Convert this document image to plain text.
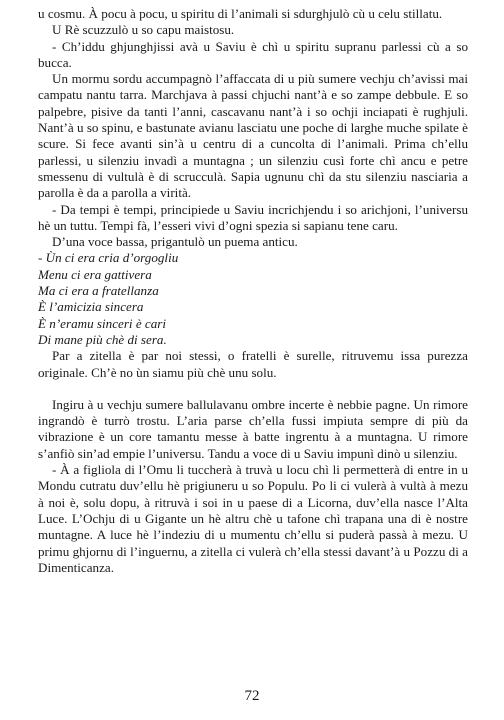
u cosmu. À pocu à pocu, u spiritu di l’animali si sdurghjulò cù u celu stillatu.

U Rè scuzzulò u so capu maistosu.

- Ch’iddu ghjunghjissi avà u Saviu è chì u spiritu supranu parlessi cù a so bucca.

Un mormu sordu accumpagnò l’affaccata di u più sumere vechju ch’avissi mai campatu nantu tarra. Marchjava à passi chjuchi nant’à e so zampe debbule. E so palpebre, pisive da tanti l’anni, cascavanu nant’à i so ochji inciapati è rughjuli. Nant’à u so spinu, e bastunate avianu lasciatu une poche di larghe muche spilate è scure. Si fece avanti sin’à u centru di a cuncolta di l’animali. Prima ch’ellu parlessi, u silenziu invadì a muntagna ; un silenziu cusì forte chì ancu e petre smessenu di vultulà è di scrucculà. Sapia ugnunu chì da stu silenziu nasciaria a parolla è da a parolla a virità.

- Da tempi è tempi, principiede u Saviu incrichjendu i so arichjoni, l’universu hè un tuttu. Tempi fà, l’esseri vivi d’ogni spezia si sapianu tene caru.

D’una voce bassa, prigantulò un puema anticu.

- Ùn ci era cria d’orgogliu

Menu ci era gattivera

Ma ci era a fratellanza

È l’amicizia sincera

È n’eramu sinceri è cari

Di mane più chè di sera.

Par a zitella è par noi stessi, o fratelli è surelle, ritruvemu issa purezza originale. Ch’è no ùn siamu più chè unu solu.

Ingiru à u vechju sumere ballulavanu ombre incerte è nebbie pagne. Un rimore ingrandò è turrò trostu. L’aria parse ch’ella fussi impiuta sempre di più da vibrazione è un core tamantu messe à batte ingrentu à a muntagna. U rimore s’anfiò sin’ad empie l’universu. Tandu a voce di u Saviu impunì dinò u silenziu.

- À a figliola di l’Omu li tuccherà à truvà u locu chì li permetterà di entre in u Mondu cutratu duv’ellu hè prigiuneru u so Populu. Po li ci vulerà à vultà à mezu à noi è, solu dopu, à ritruvà i soi in u paese di a Licorna, duv’ella nasce l’Alta Luce. L’Ochju di u Gigante un hè altru chè u tafone chì trapana una di è nostre muntagne. A luce hè l’indeziu di u mumentu ch’ellu si puderà passà à mezu. U primu ghjornu di l’inguernu, a zitella ci vulerà ch’ella stessi davant’à u Pozzu di a Dimenticanza.

72
